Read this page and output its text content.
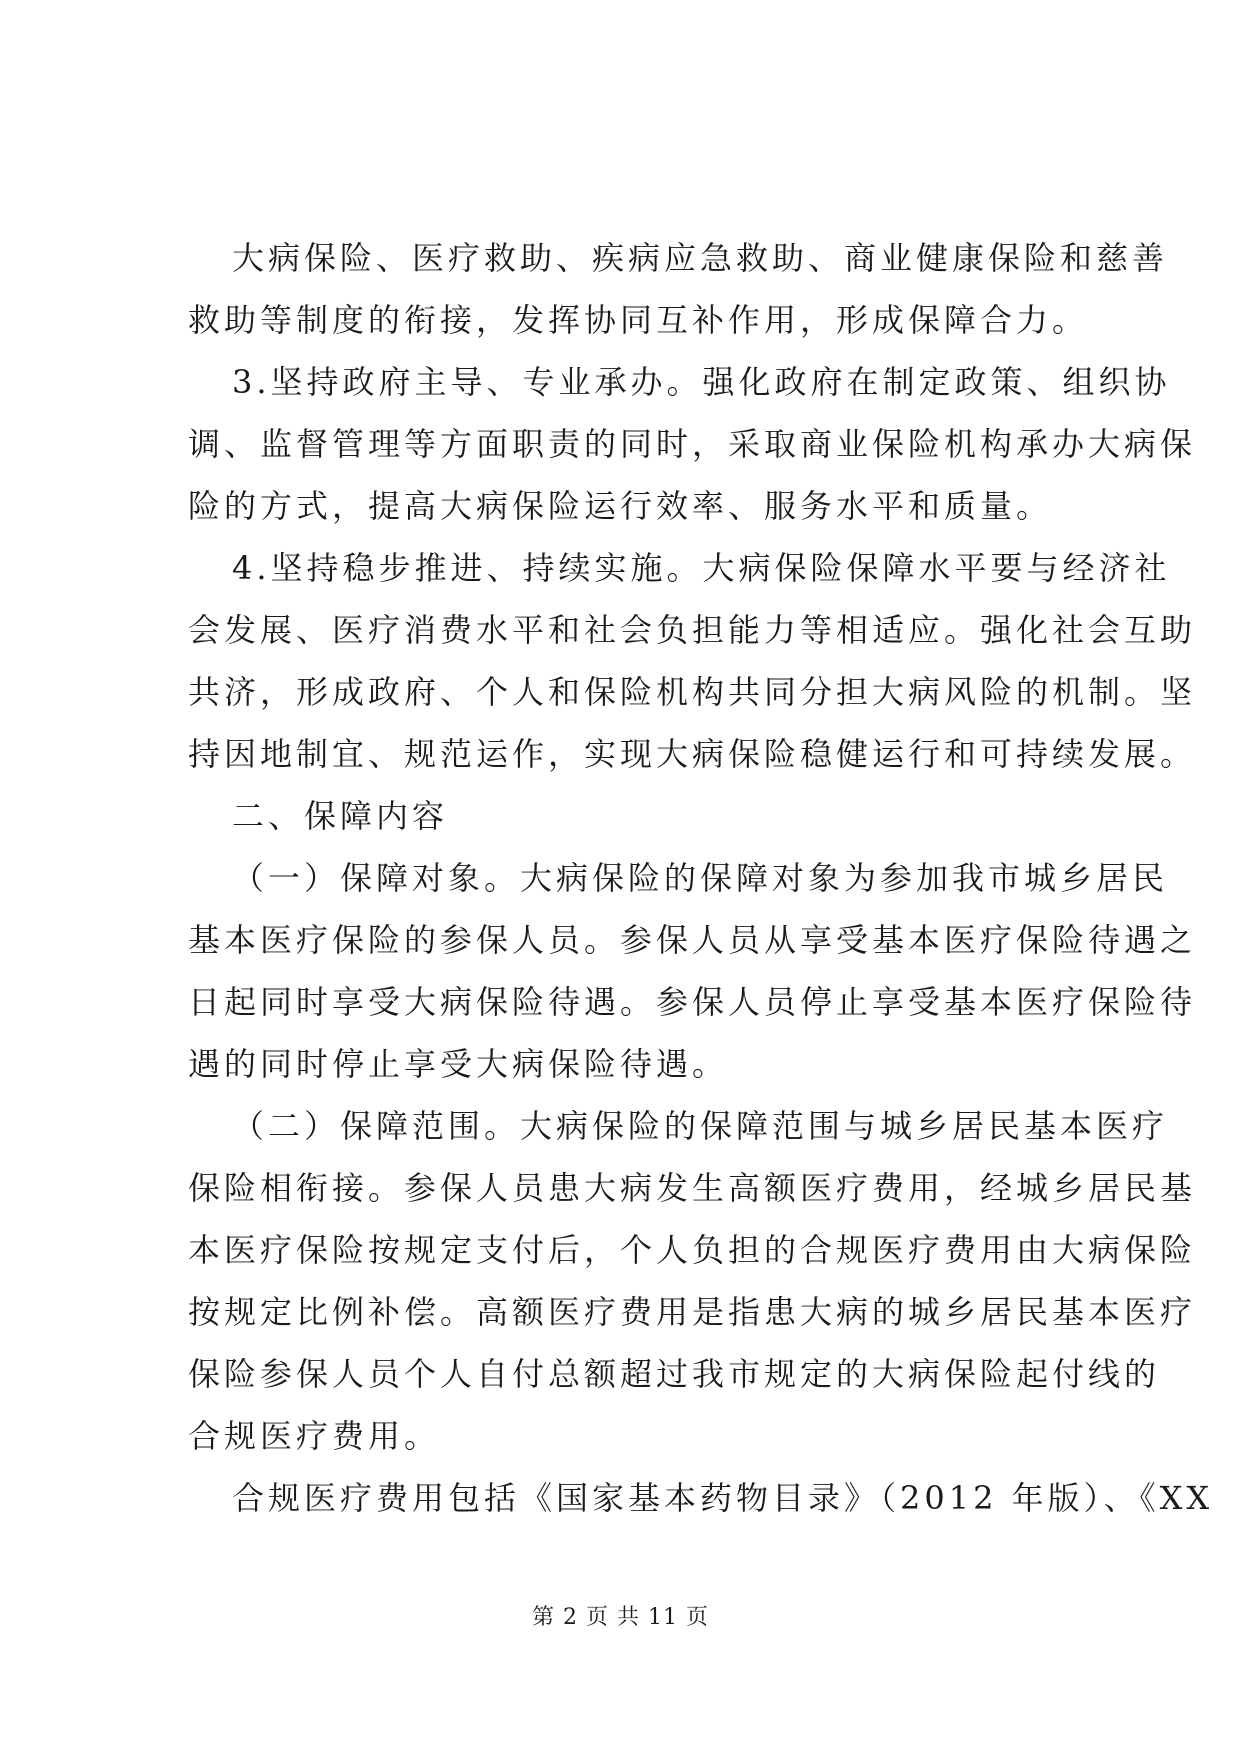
大病保险、医疗救助、疾病应急救助、商业健康保险和慈善
救助等制度的衔接，发挥协同互补作用，形成保障合力。
3.坚持政府主导、专业承办。强化政府在制定政策、组织协
调、监督管理等方面职责的同时，采取商业保险机构承办大病保
险的方式，提高大病保险运行效率、服务水平和质量。
4.坚持稳步推进、持续实施。大病保险保障水平要与经济社
会发展、医疗消费水平和社会负担能力等相适应。强化社会互助
共济，形成政府、个人和保险机构共同分担大病风险的机制。坚
持因地制宜、规范运作，实现大病保险稳健运行和可持续发展。
二、保障内容
（一）保障对象。大病保险的保障对象为参加我市城乡居民
基本医疗保险的参保人员。参保人员从享受基本医疗保险待遇之
日起同时享受大病保险待遇。参保人员停止享受基本医疗保险待
遇的同时停止享受大病保险待遇。
（二）保障范围。大病保险的保障范围与城乡居民基本医疗
保险相衔接。参保人员患大病发生高额医疗费用，经城乡居民基
本医疗保险按规定支付后，个人负担的合规医疗费用由大病保险
按规定比例补偿。高额医疗费用是指患大病的城乡居民基本医疗
保险参保人员个人自付总额超过我市规定的大病保险起付线的
合规医疗费用。
合规医疗费用包括《国家基本药物目录》（2012 年版）、《XX
第 2 页 共 11 页
